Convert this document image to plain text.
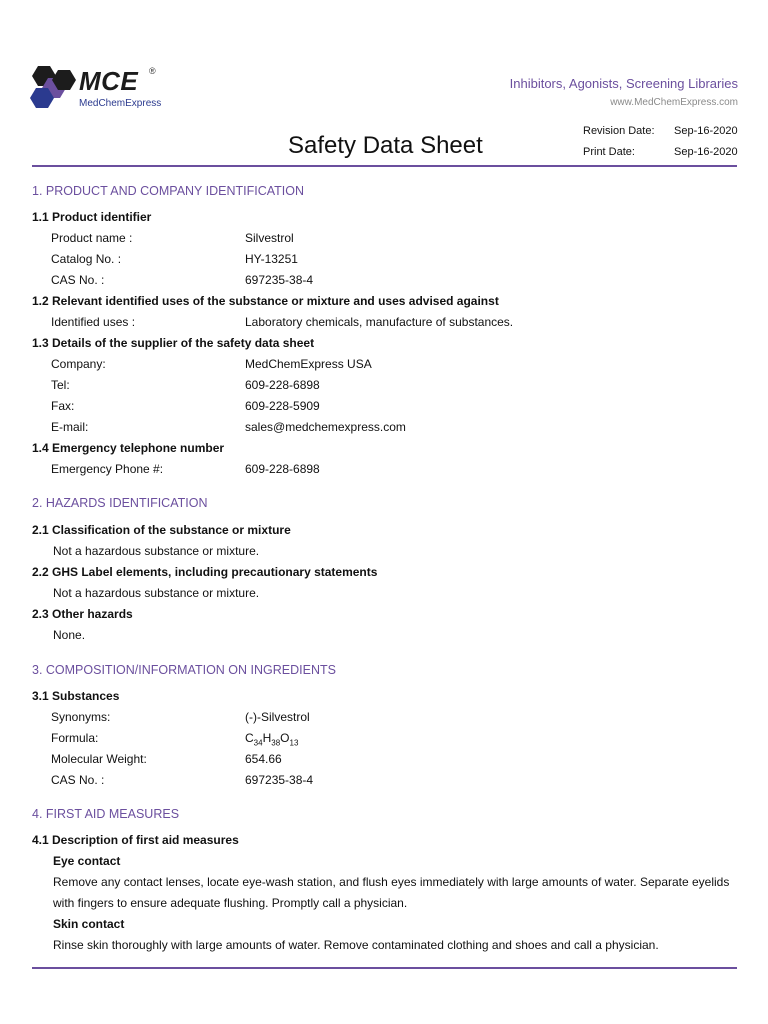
MCE ®
MedChemExpress
Inhibitors, Agonists, Screening Libraries
www.MedChemExpress.com
Safety Data Sheet
Revision Date: Sep-16-2020
Print Date:	Sep-16-2020
1. PRODUCT AND COMPANY IDENTIFICATION
1.1 Product identifier
Product name :	Silvestrol
Catalog No. :	HY-13251
CAS No. :	697235-38-4
1.2 Relevant identified uses of the substance or mixture and uses advised against
Identified uses :	Laboratory chemicals, manufacture of substances.
1.3 Details of the supplier of the safety data sheet
Company:	MedChemExpress USA
Tel:	609-228-6898
Fax:	609-228-5909
E-mail:	sales@medchemexpress.com
1.4 Emergency telephone number
Emergency Phone #:	609-228-6898
2. HAZARDS IDENTIFICATION
2.1 Classification of the substance or mixture
Not a hazardous substance or mixture.
2.2 GHS Label elements, including precautionary statements
Not a hazardous substance or mixture.
2.3 Other hazards
None.
3. COMPOSITION/INFORMATION ON INGREDIENTS
3.1 Substances
Synonyms:	(-)-Silvestrol
Formula:	$C_{34}H_{38}O_{13}$
Molecular Weight:	654.66
CAS No. :	697235-38-4
4. FIRST AID MEASURES
4.1 Description of first aid measures
Eye contact
Remove any contact lenses, locate eye-wash station, and flush eyes immediately with large amounts of water. Separate eyelids with fingers to ensure adequate flushing. Promptly call a physician.
Skin contact
Rinse skin thoroughly with large amounts of water. Remove contaminated clothing and shoes and call a physician.
